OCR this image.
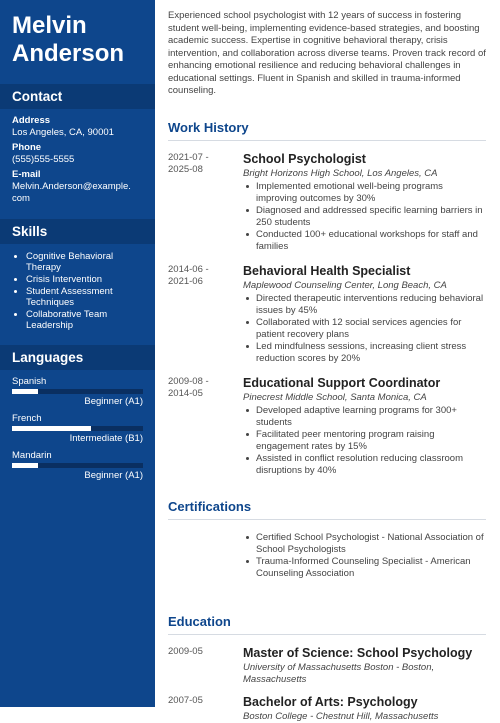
Melvin
Anderson
Contact
Address
Los Angeles, CA, 90001
Phone
(555)555-5555
E-mail
Melvin.Anderson@example.
com
Skills
Cognitive Behavioral Therapy
Crisis Intervention
Student Assessment Techniques
Collaborative Team Leadership
Languages
Spanish
Beginner (A1)
French
Intermediate (B1)
Mandarin
Beginner (A1)

Experienced school psychologist with 12 years of success in fostering student well-being, implementing evidence-based strategies, and boosting academic success. Expertise in cognitive behavioral therapy, crisis intervention, and collaboration across diverse teams. Proven track record of enhancing emotional resilience and reducing behavioral challenges in educational settings. Fluent in Spanish and skilled in trauma-informed counseling.

Work History
2021-07 -
2025-08
School Psychologist
Bright Horizons High School, Los Angeles, CA
Implemented emotional well-being programs improving outcomes by 30%
Diagnosed and addressed specific learning barriers in 250 students
Conducted 100+ educational workshops for staff and families
2014-06 -
2021-06
Behavioral Health Specialist
Maplewood Counseling Center, Long Beach, CA
Directed therapeutic interventions reducing behavioral issues by 45%
Collaborated with 12 social services agencies for patient recovery plans
Led mindfulness sessions, increasing client stress reduction scores by 20%
2009-08 -
2014-05
Educational Support Coordinator
Pinecrest Middle School, Santa Monica, CA
Developed adaptive learning programs for 300+ students
Facilitated peer mentoring program raising engagement rates by 15%
Assisted in conflict resolution reducing classroom disruptions by 40%
Certifications
Certified School Psychologist - National Association of School Psychologists
Trauma-Informed Counseling Specialist - American Counseling Association
Education
2009-05	Master of Science: School Psychology
University of Massachusetts Boston - Boston, Massachusetts
2007-05	Bachelor of Arts: Psychology
Boston College - Chestnut Hill, Massachusetts
